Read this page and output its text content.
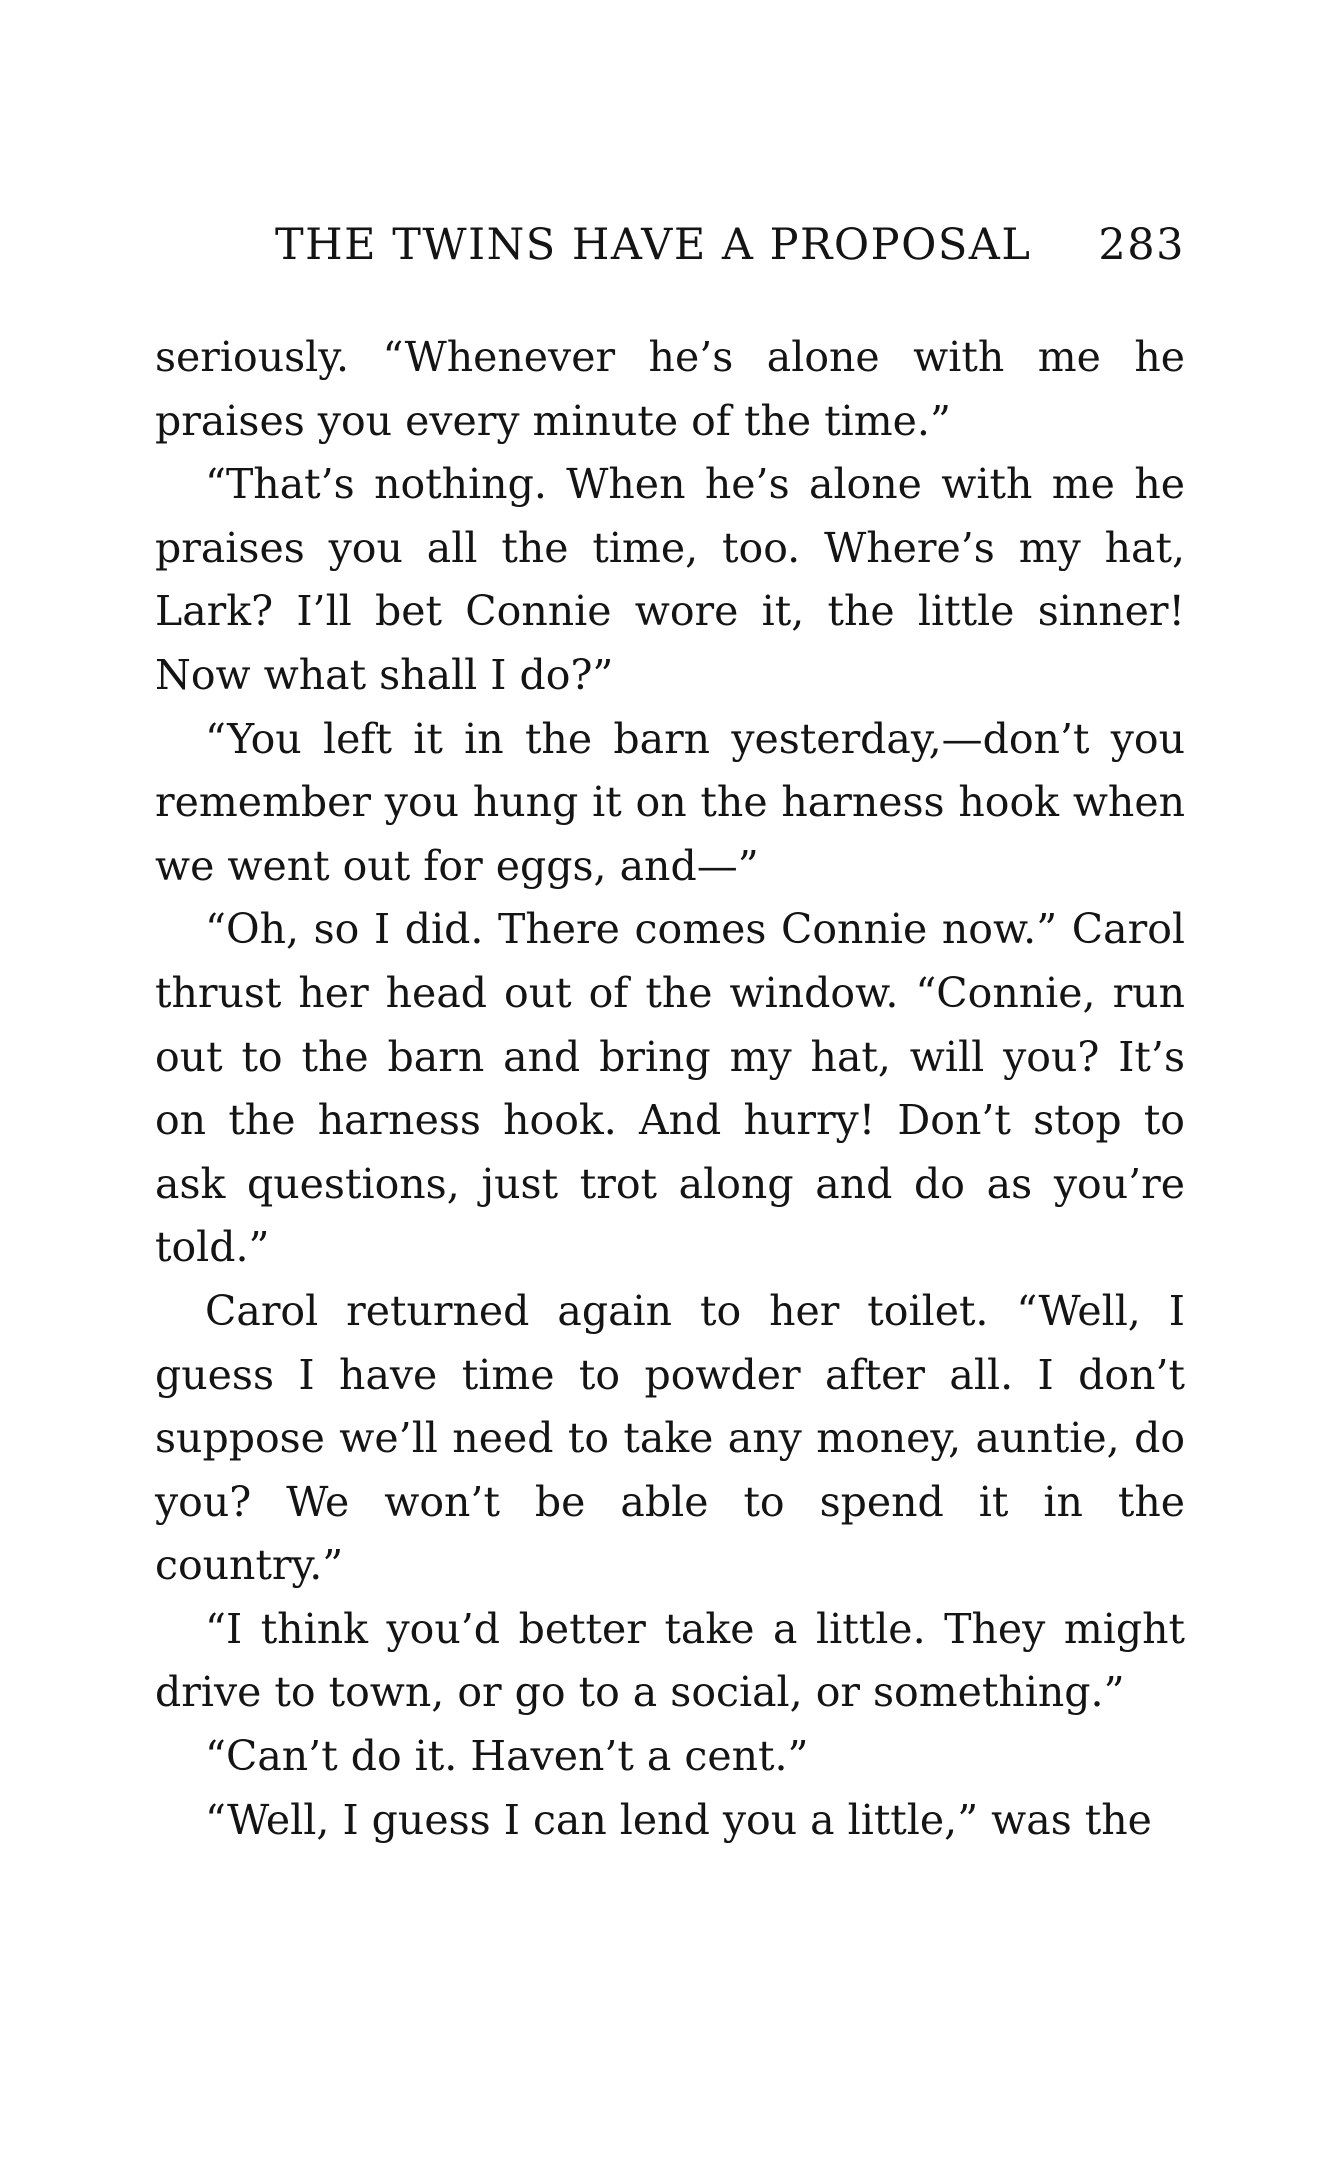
THE TWINS HAVE A PROPOSAL 283

seriously. “Whenever he’s alone with me he praises you every minute of the time.”

“That’s nothing. When he’s alone with me he praises you all the time, too. Where’s my hat, Lark? I’ll bet Connie wore it, the little sinner! Now what shall I do?”

“You left it in the barn yesterday,—don’t you remember you hung it on the harness hook when we went out for eggs, and—”

“Oh, so I did. There comes Connie now.” Carol thrust her head out of the window. “Connie, run out to the barn and bring my hat, will you? It’s on the harness hook. And hurry! Don’t stop to ask questions, just trot along and do as you’re told.”

Carol returned again to her toilet. “Well, I guess I have time to powder after all. I don’t suppose we’ll need to take any money, auntie, do you? We won’t be able to spend it in the country.”

“I think you’d better take a little. They might drive to town, or go to a social, or something.”

“Can’t do it. Haven’t a cent.”

“Well, I guess I can lend you a little,” was the
